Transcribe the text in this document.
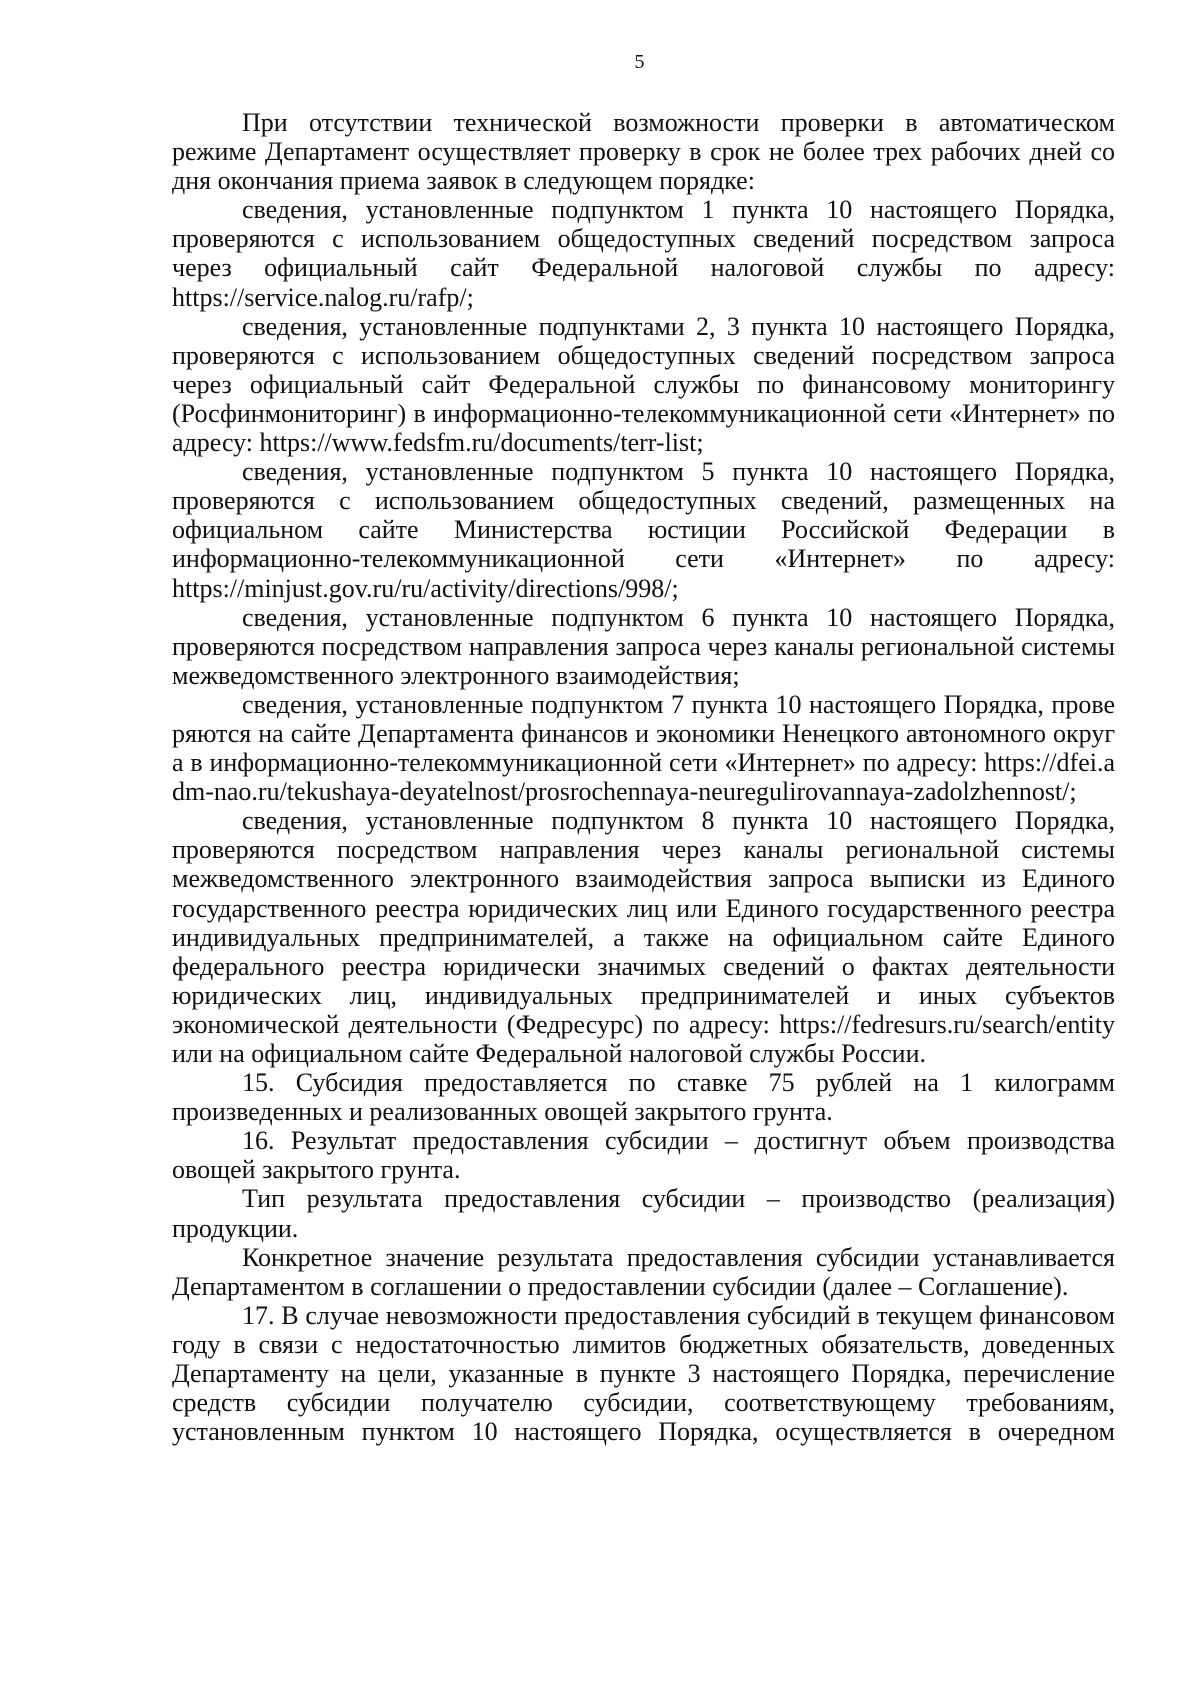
5

При отсутствии технической возможности проверки в автоматическом режиме Департамент осуществляет проверку в срок не более трех рабочих дней со дня окончания приема заявок в следующем порядке:

сведения, установленные подпунктом 1 пункта 10 настоящего Порядка, проверяются с использованием общедоступных сведений посредством запроса через официальный сайт Федеральной налоговой службы по адресу: https://service.nalog.ru/rafp/;

сведения, установленные подпунктами 2, 3 пункта 10 настоящего Порядка, проверяются с использованием общедоступных сведений посредством запроса через официальный сайт Федеральной службы по финансовому мониторингу (Росфинмониторинг) в информационно-телекоммуникационной сети «Интернет» по адресу: https://www.fedsfm.ru/documents/terr-list;

сведения, установленные подпунктом 5 пункта 10 настоящего Порядка, проверяются с использованием общедоступных сведений, размещенных на официальном сайте Министерства юстиции Российской Федерации в информационно-телекоммуникационной сети «Интернет» по адресу: https://minjust.gov.ru/ru/activity/directions/998/;

сведения, установленные подпунктом 6 пункта 10 настоящего Порядка, проверяются посредством направления запроса через каналы региональной системы межведомственного электронного взаимодействия;

сведения, установленные подпунктом 7 пункта 10 настоящего Порядка, проверяются на сайте Департамента финансов и экономики Ненецкого автономного округа в информационно-телекоммуникационной сети «Интернет» по адресу: https://dfei.adm-nao.ru/tekushaya-deyatelnost/prosrochennaya-neuregulirovannaya-zadolzhennost/;

сведения, установленные подпунктом 8 пункта 10 настоящего Порядка, проверяются посредством направления через каналы региональной системы межведомственного электронного взаимодействия запроса выписки из Единого государственного реестра юридических лиц или Единого государственного реестра индивидуальных предпринимателей, а также на официальном сайте Единого федерального реестра юридически значимых сведений о фактах деятельности юридических лиц, индивидуальных предпринимателей и иных субъектов экономической деятельности (Федресурс) по адресу: https://fedresurs.ru/search/entity или на официальном сайте Федеральной налоговой службы России.

15. Субсидия предоставляется по ставке 75 рублей на 1 килограмм произведенных и реализованных овощей закрытого грунта.

16. Результат предоставления субсидии – достигнут объем производства овощей закрытого грунта.

Тип результата предоставления субсидии – производство (реализация) продукции.

Конкретное значение результата предоставления субсидии устанавливается Департаментом в соглашении о предоставлении субсидии (далее – Соглашение).

17. В случае невозможности предоставления субсидий в текущем финансовом году в связи с недостаточностью лимитов бюджетных обязательств, доведенных Департаменту на цели, указанные в пункте 3 настоящего Порядка, перечисление средств субсидии получателю субсидии, соответствующему требованиям, установленным пунктом 10 настоящего Порядка, осуществляется в очередном
